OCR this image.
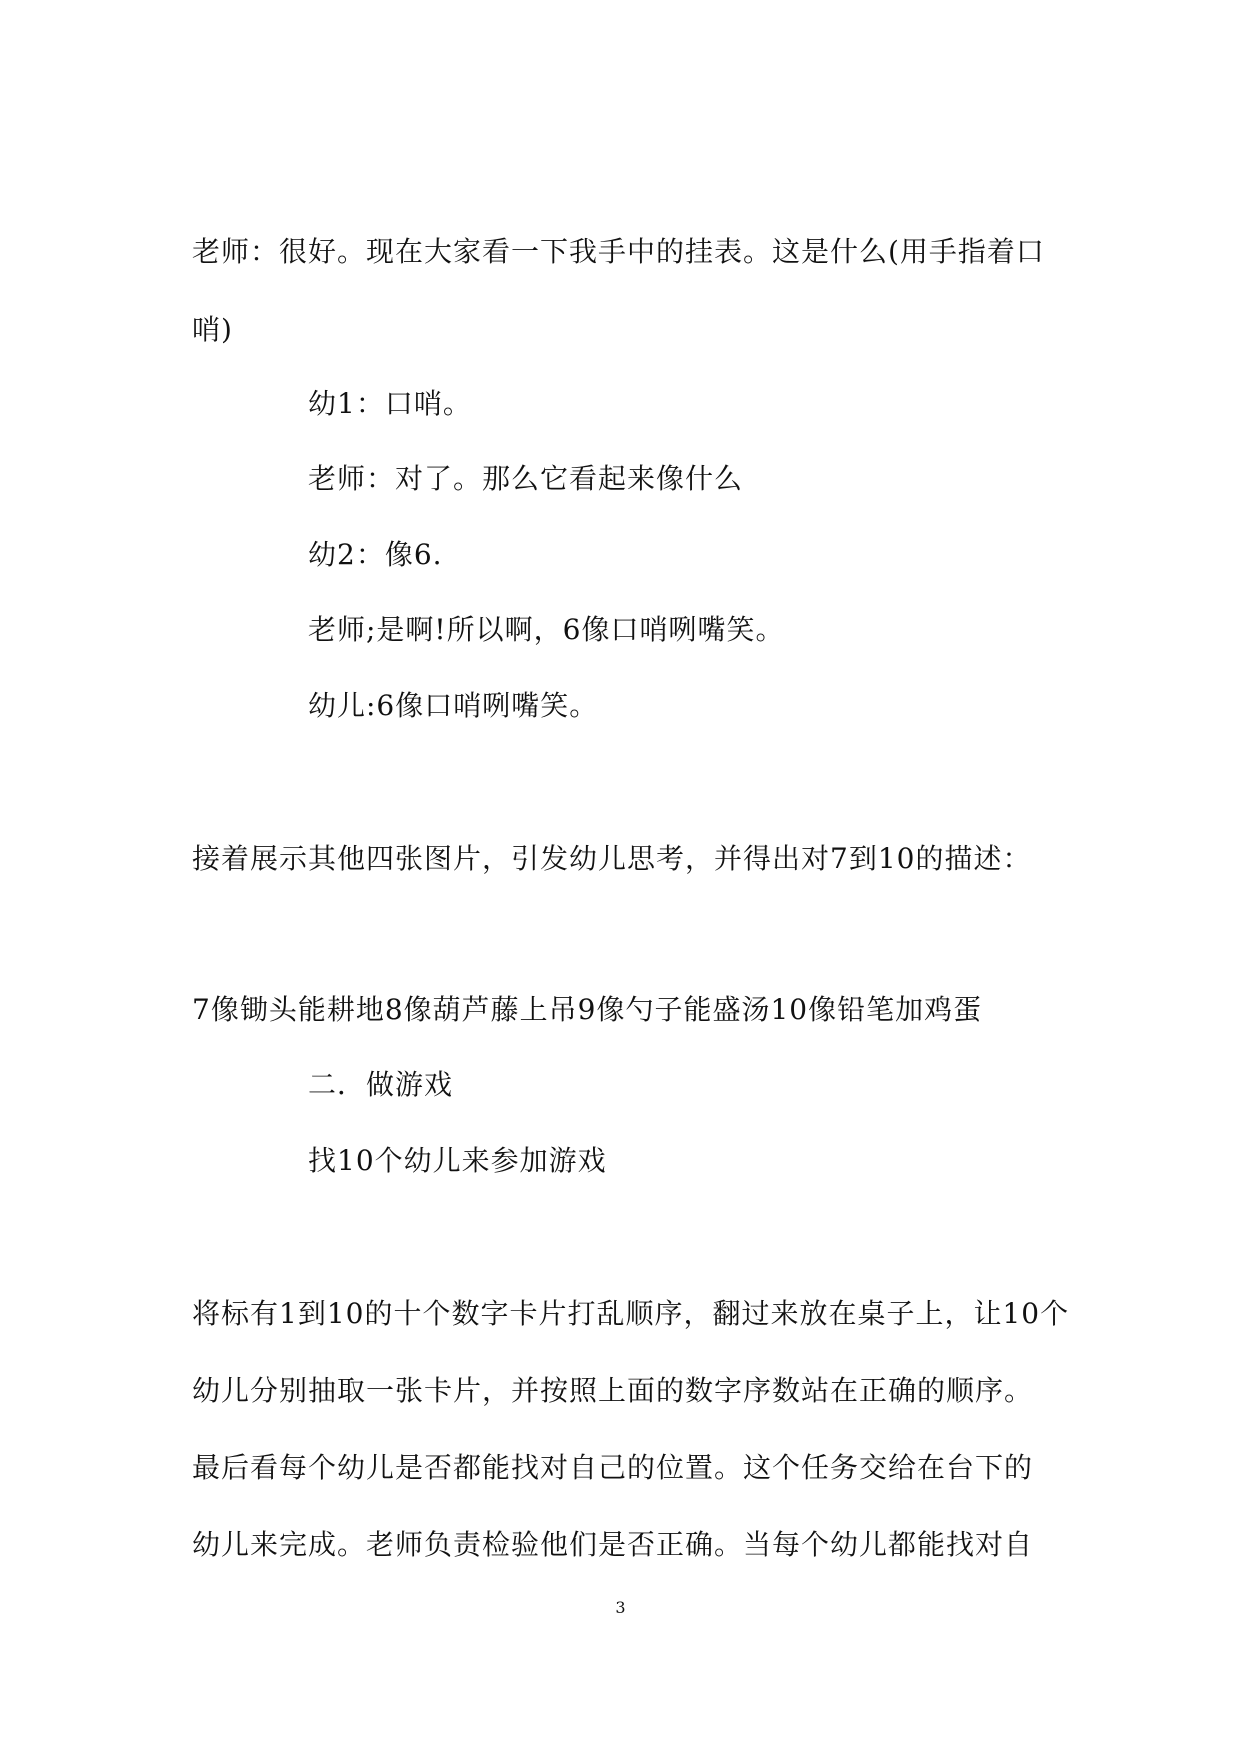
老师：很好。现在大家看一下我手中的挂表。这是什么(用手指着口
哨)
幼1：口哨。
老师：对了。那么它看起来像什么
幼2：像6.
老师;是啊!所以啊，6像口哨咧嘴笑。
幼儿:6像口哨咧嘴笑。
接着展示其他四张图片，引发幼儿思考，并得出对7到10的描述：
7像锄头能耕地8像葫芦藤上吊9像勺子能盛汤10像铅笔加鸡蛋
二．做游戏
找10个幼儿来参加游戏
将标有1到10的十个数字卡片打乱顺序，翻过来放在桌子上，让10个
幼儿分别抽取一张卡片，并按照上面的数字序数站在正确的顺序。
最后看每个幼儿是否都能找对自己的位置。这个任务交给在台下的
幼儿来完成。老师负责检验他们是否正确。当每个幼儿都能找对自
3
